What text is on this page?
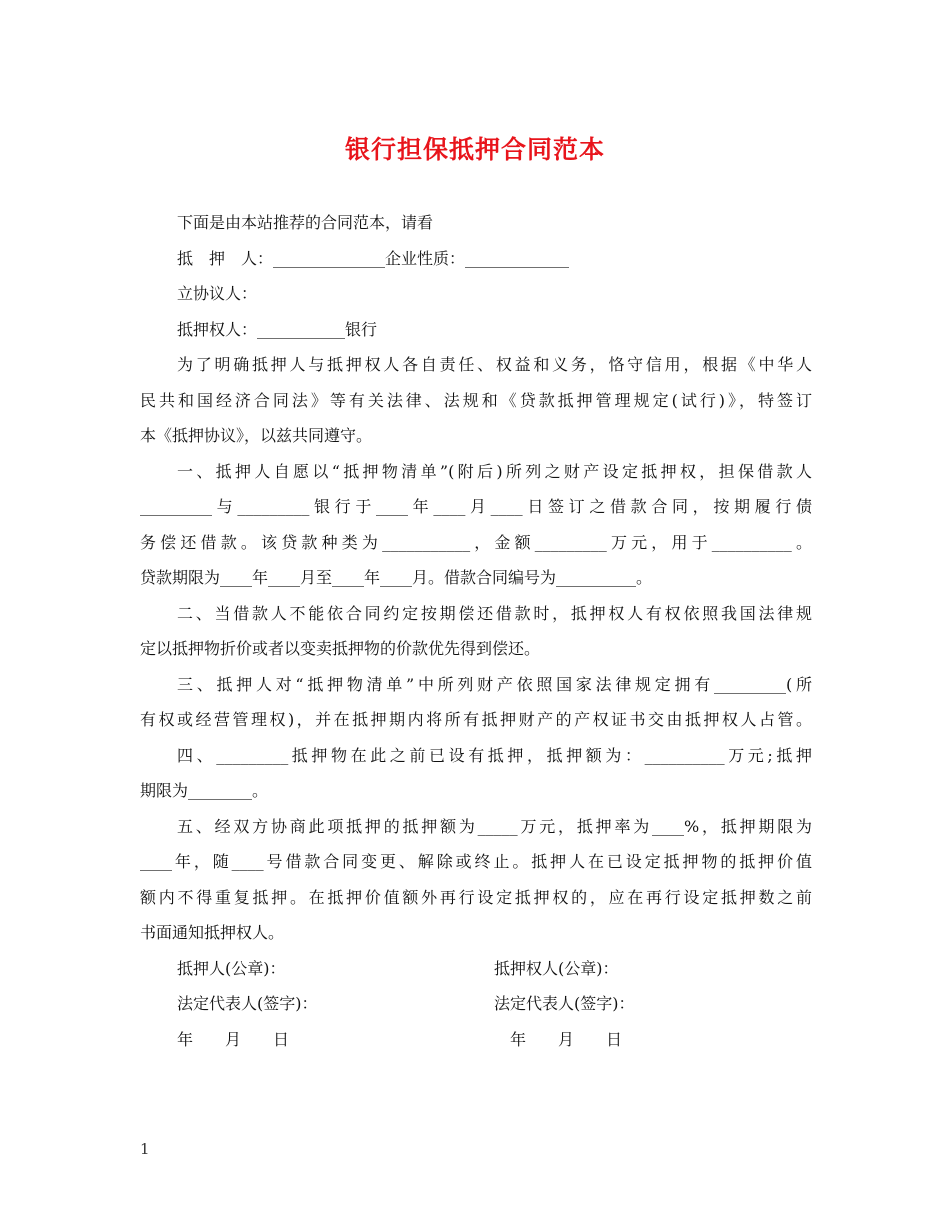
银行担保抵押合同范本
下面是由本站推荐的合同范本，请看
抵　押　人：______________企业性质：_____________
立协议人：
抵押权人：___________银行
为了明确抵押人与抵押权人各自责任、权益和义务，恪守信用，根据《中华人
民共和国经济合同法》等有关法律、法规和《贷款抵押管理规定(试行)》，特签订
本《抵押协议》，以兹共同遵守。
一、抵押人自愿以“抵押物清单”(附后)所列之财产设定抵押权，担保借款人
_________与_________银行于____年____月____日签订之借款合同，按期履行债
务偿还借款。该贷款种类为___________，金额_________万元，用于__________。
贷款期限为____年____月至____年____月。借款合同编号为__________。
二、当借款人不能依合同约定按期偿还借款时，抵押权人有权依照我国法律规
定以抵押物折价或者以变卖抵押物的价款优先得到偿还。
三、抵押人对“抵押物清单”中所列财产依照国家法律规定拥有_________(所
有权或经营管理权)，并在抵押期内将所有抵押财产的产权证书交由抵押权人占管。
四、_________抵押物在此之前已设有抵押，抵押额为：__________万元;抵押
期限为________。
五、经双方协商此项抵押的抵押额为_____万元，抵押率为____%，抵押期限为
____年，随____号借款合同变更、解除或终止。抵押人在已设定抵押物的抵押价值
额内不得重复抵押。在抵押价值额外再行设定抵押权的，应在再行设定抵押数之前
书面通知抵押权人。
抵押人(公章)：	抵押权人(公章)：
法定代表人(签字)：	法定代表人(签字)：
年　　月　　日	　年　　月　　日
1
